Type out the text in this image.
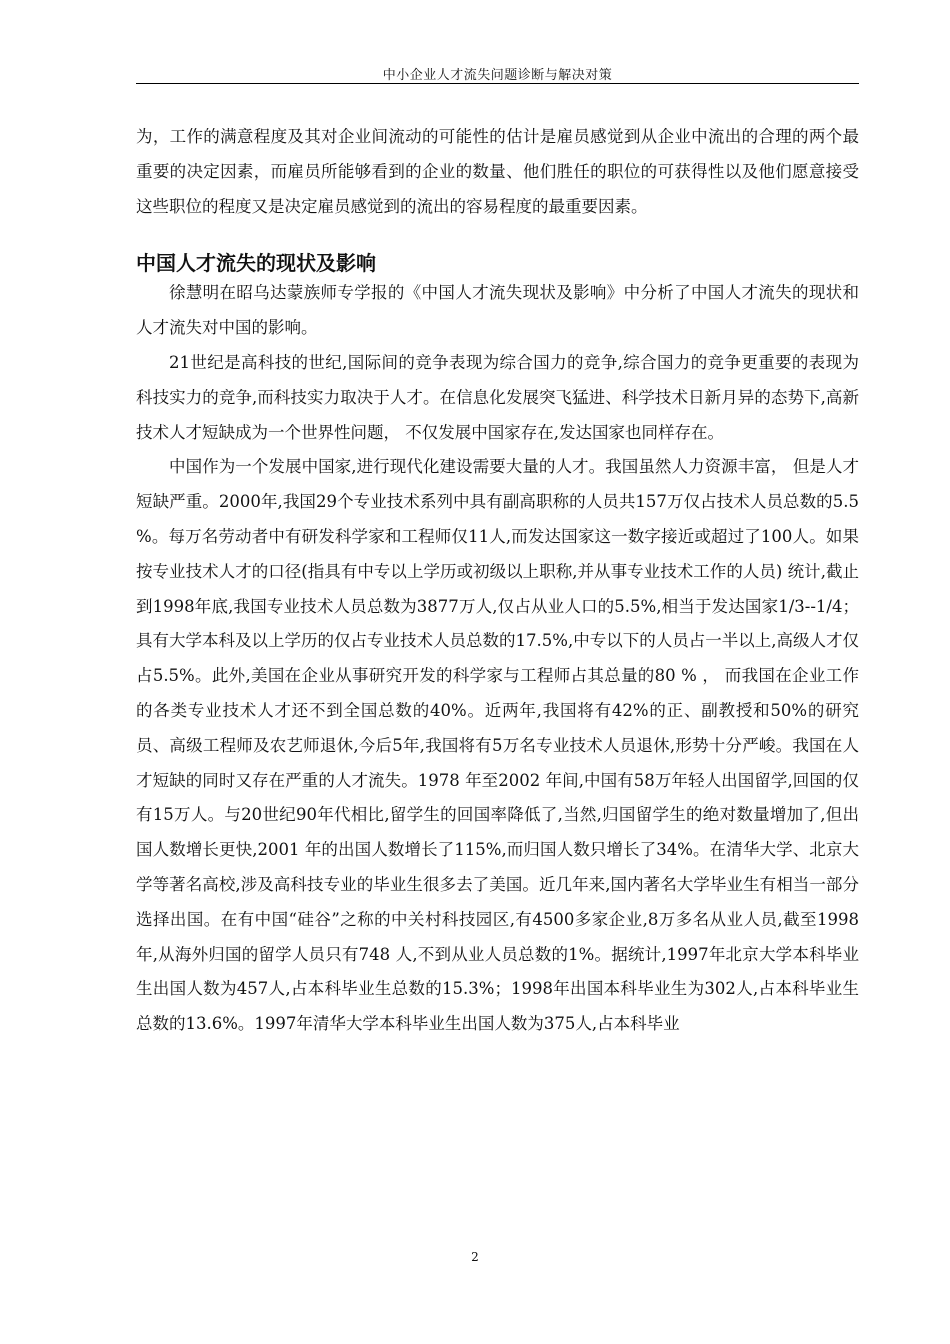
中小企业人才流失问题诊断与解决对策

为，工作的满意程度及其对企业间流动的可能性的估计是雇员感觉到从企业中流出的合理的两个最重要的决定因素，而雇员所能够看到的企业的数量、他们胜任的职位的可获得性以及他们愿意接受这些职位的程度又是决定雇员感觉到的流出的容易程度的最重要因素。

中国人才流失的现状及影响

徐慧明在昭乌达蒙族师专学报的《中国人才流失现状及影响》中分析了中国人才流失的现状和人才流失对中国的影响。

21世纪是高科技的世纪,国际间的竞争表现为综合国力的竞争,综合国力的竞争更重要的表现为科技实力的竞争,而科技实力取决于人才。在信息化发展突飞猛进、科学技术日新月异的态势下,高新技术人才短缺成为一个世界性问题， 不仅发展中国家存在,发达国家也同样存在。

中国作为一个发展中国家,进行现代化建设需要大量的人才。我国虽然人力资源丰富， 但是人才短缺严重。2000年,我国29个专业技术系列中具有副高职称的人员共157万仅占技术人员总数的5.5 %。每万名劳动者中有研发科学家和工程师仅11人,而发达国家这一数字接近或超过了100人。如果按专业技术人才的口径(指具有中专以上学历或初级以上职称,并从事专业技术工作的人员) 统计,截止到1998年底,我国专业技术人员总数为3877万人,仅占从业人口的5.5%,相当于发达国家1/3--1/4；具有大学本科及以上学历的仅占专业技术人员总数的17.5%,中专以下的人员占一半以上,高级人才仅占5.5%。此外,美国在企业从事研究开发的科学家与工程师占其总量的80 % ， 而我国在企业工作的各类专业技术人才还不到全国总数的40%。近两年,我国将有42%的正、副教授和50%的研究员、高级工程师及农艺师退休,今后5年,我国将有5万名专业技术人员退休,形势十分严峻。我国在人才短缺的同时又存在严重的人才流失。1978 年至2002 年间,中国有58万年轻人出国留学,回国的仅有15万人。与20世纪90年代相比,留学生的回国率降低了,当然,归国留学生的绝对数量增加了,但出国人数增长更快,2001 年的出国人数增长了115%,而归国人数只增长了34%。在清华大学、北京大学等著名高校,涉及高科技专业的毕业生很多去了美国。近几年来,国内著名大学毕业生有相当一部分选择出国。在有中国“硅谷”之称的中关村科技园区,有4500多家企业,8万多名从业人员,截至1998 年,从海外归国的留学人员只有748 人,不到从业人员总数的1%。据统计,1997年北京大学本科毕业生出国人数为457人,占本科毕业生总数的15.3%；1998年出国本科毕业生为302人,占本科毕业生总数的13.6%。1997年清华大学本科毕业生出国人数为375人,占本科毕业

2
